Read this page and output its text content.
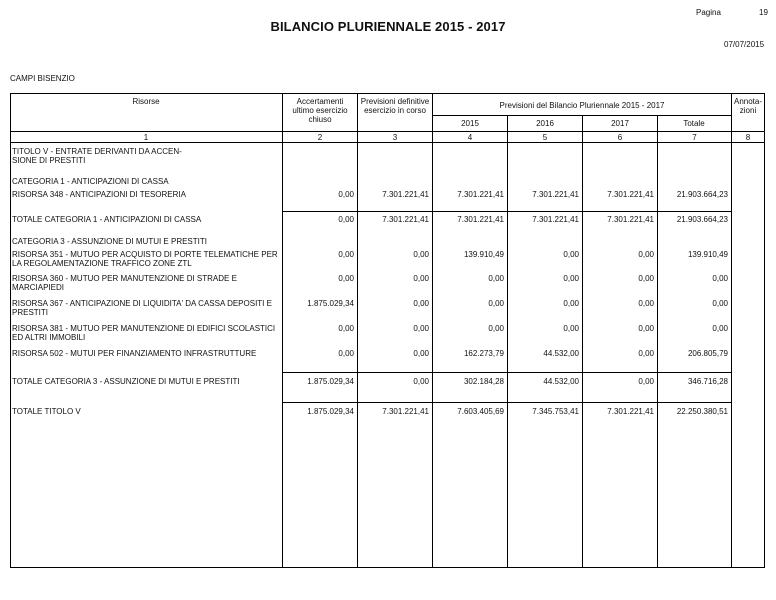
BILANCIO PLURIENNALE 2015 - 2017
Pagina	19
07/07/2015
CAMPI BISENZIO
Risorse	Accertamenti ultimo esercizio chiuso
Previsioni definitive esercizio in corso
Previsioni del Bilancio Pluriennale 2015 - 2017
2015	2016	2017	Totale
Annota-zioni
1	2	3	4	5	6	7	8
TITOLO V - ENTRATE DERIVANTI DA ACCEN-SIONE DI PRESTITI
CATEGORIA 1 - ANTICIPAZIONI DI CASSA
RISORSA 348 - ANTICIPAZIONI DI TESORERIA	0,00	7.301.221,41	7.301.221,41	7.301.221,41	7.301.221,41	21.903.664,23
TOTALE CATEGORIA 1 - ANTICIPAZIONI DI CASSA	0,00	7.301.221,41	7.301.221,41	7.301.221,41	7.301.221,41	21.903.664,23
CATEGORIA 3 - ASSUNZIONE DI MUTUI E PRESTITI
RISORSA 351 - MUTUO PER ACQUISTO DI PORTE TELEMATICHE PER LA REGOLAMENTAZIONE TRAFFICO ZONE ZTL
0,00	0,00	139.910,49	0,00	0,00	139.910,49
RISORSA 360 - MUTUO PER MANUTENZIONE DI STRADE E MARCIAPIEDI
0,00	0,00	0,00	0,00	0,00	0,00
RISORSA 367 - ANTICIPAZIONE DI LIQUIDITA' DA CASSA DEPOSITI E PRESTITI
1.875.029,34	0,00	0,00	0,00	0,00	0,00
RISORSA 381 - MUTUO PER MANUTENZIONE DI EDIFICI SCOLASTICI ED ALTRI IMMOBILI
0,00	0,00	0,00	0,00	0,00	0,00
RISORSA 502 - MUTUI PER FINANZIAMENTO INFRASTRUTTURE	0,00	0,00	162.273,79	44.532,00	0,00	206.805,79
TOTALE CATEGORIA 3 - ASSUNZIONE DI MUTUI E PRESTITI	1.875.029,34	0,00	302.184,28	44.532,00	0,00	346.716,28
TOTALE TITOLO V	1.875.029,34	7.301.221,41	7.603.405,69	7.345.753,41	7.301.221,41	22.250.380,51
